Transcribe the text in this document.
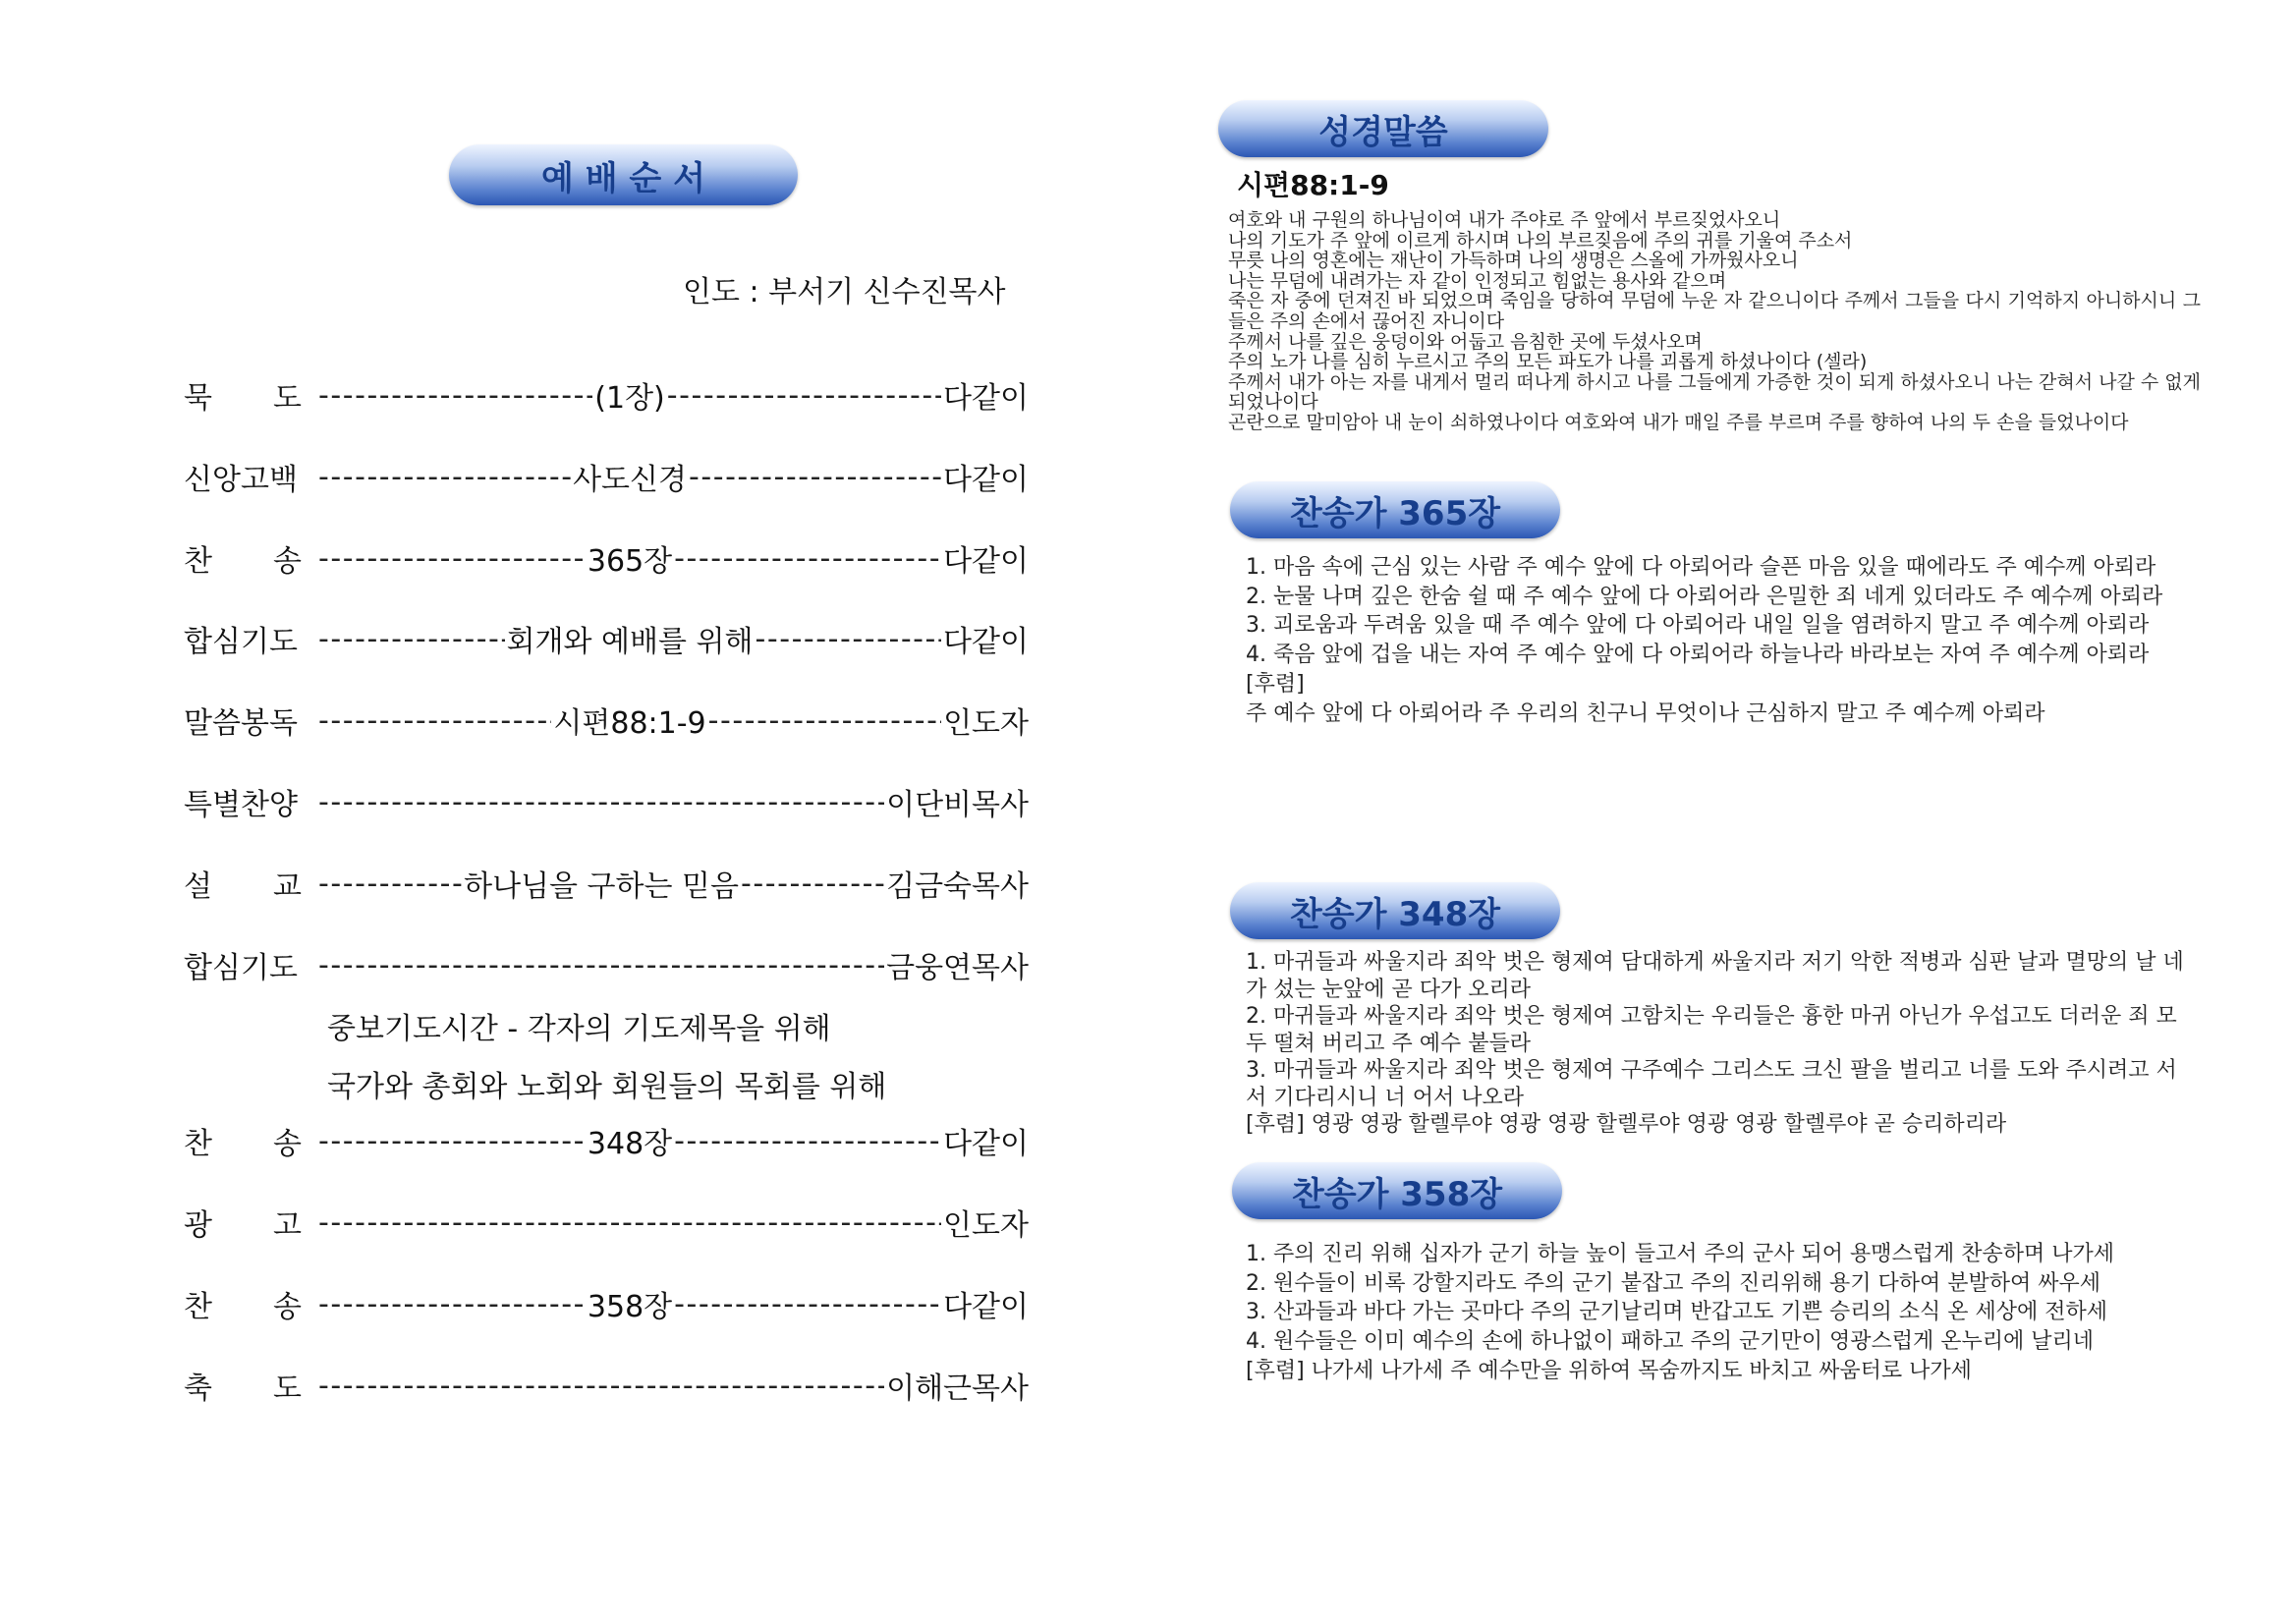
예 배 순 서
인도 : 부서기 신수진목사
묵 도 - - -	(1장) - - -	다같이
신앙고백 - - -	사도신경 - - -	다같이
찬 송 - - -	365장 - - -	다같이
합심기도 - - -	회개와 예배를 위해 - - -	다같이
말씀봉독 - - -	시편88:1-9 - - -	인도자
특별찬양 - - -	이단비목사
설 교 - - -	하나님을 구하는 믿음 - - -	김금숙목사
합심기도 - - -	금웅연목사
찬 송 - - -	348장 - - -	다같이
광 고 - - -	인도자
찬 송 - - -	358장 - - -	다같이
축 도 - - -	이해근목사
중보기도시간 - 각자의 기도제목을 위해
국가와 총회와 노회와 회원들의 목회를 위해
성경말씀
시편88:1-9
여호와 내 구원의 하나님이여 내가 주야로 주 앞에서 부르짖었사오니
나의 기도가 주 앞에 이르게 하시며 나의 부르짖음에 주의 귀를 기울여 주소서
무릇 나의 영혼에는 재난이 가득하며 나의 생명은 스올에 가까웠사오니
나는 무덤에 내려가는 자 같이 인정되고 힘없는 용사와 같으며
죽은 자 중에 던져진 바 되었으며 죽임을 당하여 무덤에 누운 자 같으니이다 주께서 그들을 다시 기억하지 아니하시니 그들은 주의 손에서 끊어진 자니이다
주께서 나를 깊은 웅덩이와 어둡고 음침한 곳에 두셨사오며
주의 노가 나를 심히 누르시고 주의 모든 파도가 나를 괴롭게 하셨나이다 (셀라)
주께서 내가 아는 자를 내게서 멀리 떠나게 하시고 나를 그들에게 가증한 것이 되게 하셨사오니 나는 갇혀서 나갈 수 없게 되었나이다
곤란으로 말미암아 내 눈이 쇠하였나이다 여호와여 내가 매일 주를 부르며 주를 향하여 나의 두 손을 들었나이다
찬송가 365장
1. 마음 속에 근심 있는 사람 주 예수 앞에 다 아뢰어라 슬픈 마음 있을 때에라도 주 예수께 아뢰라
2. 눈물 나며 깊은 한숨 쉴 때 주 예수 앞에 다 아뢰어라 은밀한 죄 네게 있더라도 주 예수께 아뢰라
3. 괴로움과 두려움 있을 때 주 예수 앞에 다 아뢰어라 내일 일을 염려하지 말고 주 예수께 아뢰라
4. 죽음 앞에 겁을 내는 자여 주 예수 앞에 다 아뢰어라 하늘나라 바라보는 자여 주 예수께 아뢰라
[후렴]
주 예수 앞에 다 아뢰어라 주 우리의 친구니 무엇이나 근심하지 말고 주 예수께 아뢰라
찬송가 348장
1. 마귀들과 싸울지라 죄악 벗은 형제여 담대하게 싸울지라 저기 악한 적병과 심판 날과 멸망의 날 네가 섰는 눈앞에 곧 다가 오리라
2. 마귀들과 싸울지라 죄악 벗은 형제여 고함치는 우리들은 흉한 마귀 아닌가 우섭고도 더러운 죄 모두 떨쳐 버리고 주 예수 붙들라
3. 마귀들과 싸울지라 죄악 벗은 형제여 구주예수 그리스도 크신 팔을 벌리고 너를 도와 주시려고 서서 기다리시니 너 어서 나오라
[후렴] 영광 영광 할렐루야 영광 영광 할렐루야 영광 영광 할렐루야 곧 승리하리라
찬송가 358장
1. 주의 진리 위해 십자가 군기 하늘 높이 들고서 주의 군사 되어 용맹스럽게 찬송하며 나가세
2. 원수들이 비록 강할지라도 주의 군기 붙잡고 주의 진리위해 용기 다하여 분발하여 싸우세
3. 산과들과 바다 가는 곳마다 주의 군기날리며 반갑고도 기쁜 승리의 소식 온 세상에 전하세
4. 원수들은 이미 예수의 손에 하나없이 패하고 주의 군기만이 영광스럽게 온누리에 날리네
[후렴] 나가세 나가세 주 예수만을 위하여 목숨까지도 바치고 싸움터로 나가세
